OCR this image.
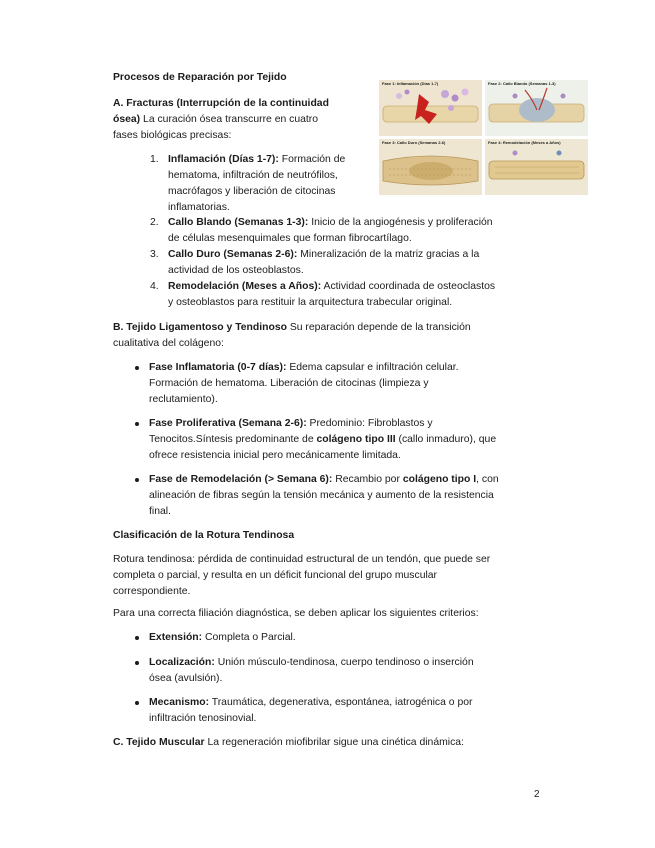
Procesos de Reparación por Tejido
A. Fracturas (Interrupción de la continuidad
ósea) La curación ósea transcurre en cuatro
fases biológicas precisas:
1. Inflamación (Días 1-7): Formación de
hematoma, infiltración de neutrófilos,
macrófagos y liberación de citocinas
inflamatorias.
2. Callo Blando (Semanas 1-3): Inicio de la angiogénesis y proliferación
de células mesenquimales que forman fibrocartílago.
3. Callo Duro (Semanas 2-6): Mineralización de la matriz gracias a la
actividad de los osteoblastos.
4. Remodelación (Meses a Años): Actividad coordinada de osteoclastos
y osteoblastos para restituir la arquitectura trabecular original.
Fase 1: Inflamación (Días 1-7)	Fase 2: Callo Blando (Semanas 1-3)
Fase 3: Callo Duro (Semanas 2-6)	Fase 4: Remodelación (Meses a Años)
B. Tejido Ligamentoso y Tendinoso Su reparación depende de la transición
cualitativa del colágeno:
Fase Inflamatoria (0-7 días): Edema capsular e infiltración celular.
Formación de hematoma. Liberación de citocinas (limpieza y
reclutamiento).
Fase Proliferativa (Semana 2-6): Predominio: Fibroblastos y
Tenocitos.Síntesis predominante de colágeno tipo III (callo inmaduro), que
ofrece resistencia inicial pero mecánicamente limitada.
Fase de Remodelación (> Semana 6): Recambio por colágeno tipo I, con
alineación de fibras según la tensión mecánica y aumento de la resistencia
final.
Clasificación de la Rotura Tendinosa
Rotura tendinosa: pérdida de continuidad estructural de un tendón, que puede ser
completa o parcial, y resulta en un déficit funcional del grupo muscular
correspondiente.
Para una correcta filiación diagnóstica, se deben aplicar los siguientes criterios:
Extensión: Completa o Parcial.
Localización: Unión músculo-tendinosa, cuerpo tendinoso o inserción
ósea (avulsión).
Mecanismo: Traumática, degenerativa, espontánea, iatrogénica o por
infiltración tenosinovial.
C. Tejido Muscular La regeneración miofibrilar sigue una cinética dinámica:
2
